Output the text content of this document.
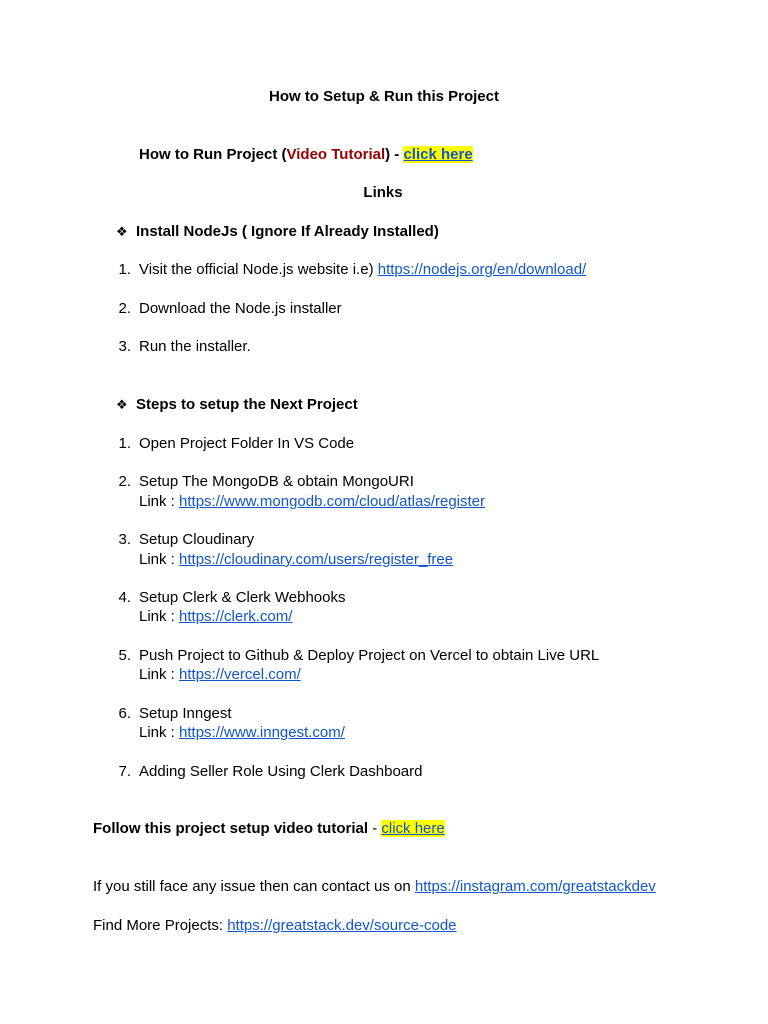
How to Setup & Run this Project
How to Run Project (Video Tutorial) - click here
Links
❖ Install NodeJs ( Ignore If Already Installed)
1. Visit the official Node.js website i.e) https://nodejs.org/en/download/
2. Download the Node.js installer
3. Run the installer.
❖ Steps to setup the Next Project
1. Open Project Folder In VS Code
2. Setup The MongoDB & obtain MongoURI
Link : https://www.mongodb.com/cloud/atlas/register
3. Setup Cloudinary
Link : https://cloudinary.com/users/register_free
4. Setup Clerk & Clerk Webhooks
Link : https://clerk.com/
5. Push Project to Github & Deploy Project on Vercel to obtain Live URL
Link : https://vercel.com/
6. Setup Inngest
Link : https://www.inngest.com/
7. Adding Seller Role Using Clerk Dashboard
Follow this project setup video tutorial - click here
If you still face any issue then can contact us on https://instagram.com/greatstackdev
Find More Projects: https://greatstack.dev/source-code
